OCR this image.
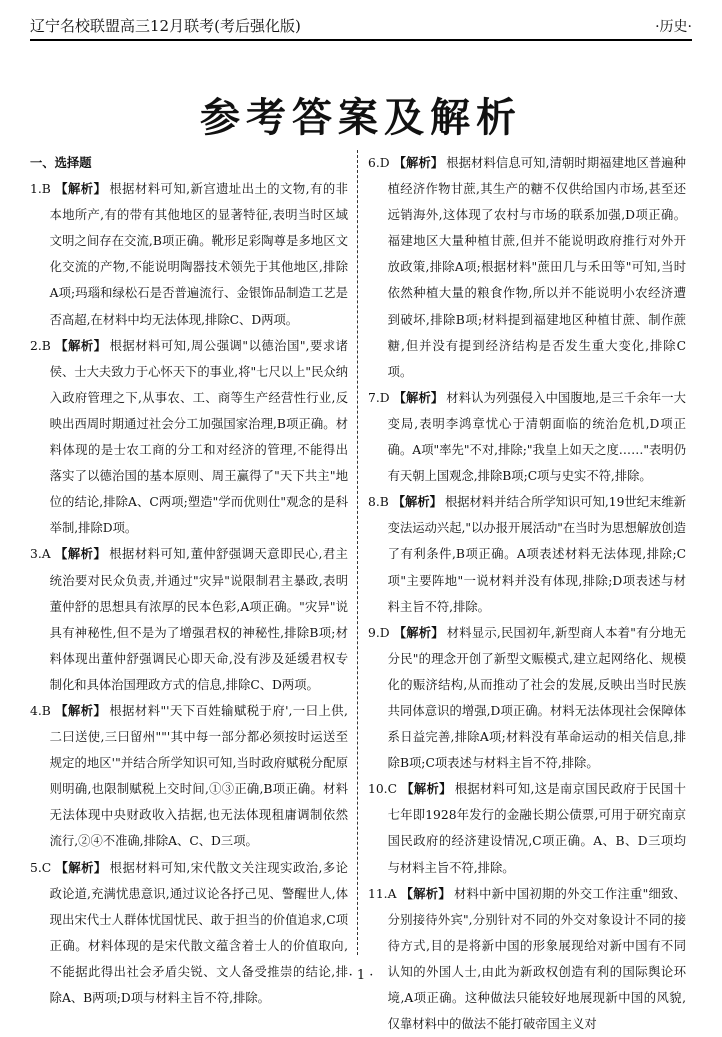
辽宁名校联盟高三12月联考(考后强化版)	·历史·
参考答案及解析

一、选择题

1.B 【解析】 根据材料可知,新宫遗址出土的文物,有的非本地所产,有的带有其他地区的显著特征,表明当时区域文明之间存在交流,B项正确。靴形足彩陶尊是多地区文化交流的产物,不能说明陶器技术领先于其他地区,排除A项;玛瑙和绿松石是否普遍流行、金银饰品制造工艺是否高超,在材料中均无法体现,排除C、D两项。

2.B 【解析】 根据材料可知,周公强调"以德治国",要求诸侯、士大夫致力于心怀天下的事业,将"七尺以上"民众纳入政府管理之下,从事农、工、商等生产经营性行业,反映出西周时期通过社会分工加强国家治理,B项正确。材料体现的是士农工商的分工和对经济的管理,不能得出落实了以德治国的基本原则、周王赢得了"天下共主"地位的结论,排除A、C两项;塑造"学而优则仕"观念的是科举制,排除D项。

3.A 【解析】 根据材料可知,董仲舒强调天意即民心,君主统治要对民众负责,并通过"灾异"说限制君主暴政,表明董仲舒的思想具有浓厚的民本色彩,A项正确。"灾异"说具有神秘性,但不是为了增强君权的神秘性,排除B项;材料体现出董仲舒强调民心即天命,没有涉及延缓君权专制化和具体治国理政方式的信息,排除C、D两项。

4.B 【解析】 根据材料"'天下百姓输赋税于府',一曰上供,二曰送使,三曰留州""'其中每一部分都必须按时运送至规定的地区'"并结合所学知识可知,当时政府赋税分配原则明确,也限制赋税上交时间,①③正确,B项正确。材料无法体现中央财政收入拮据,也无法体现租庸调制依然流行,②④不准确,排除A、C、D三项。

5.C 【解析】 根据材料可知,宋代散文关注现实政治,多论政论道,充满忧患意识,通过议论各抒己见、警醒世人,体现出宋代士人群体忧国忧民、敢于担当的价值追求,C项正确。材料体现的是宋代散文蕴含着士人的价值取向,不能据此得出社会矛盾尖锐、文人备受推崇的结论,排除A、B两项;D项与材料主旨不符,排除。

6.D 【解析】 根据材料信息可知,清朝时期福建地区普遍种植经济作物甘蔗,其生产的糖不仅供给国内市场,甚至还远销海外,这体现了农村与市场的联系加强,D项正确。福建地区大量种植甘蔗,但并不能说明政府推行对外开放政策,排除A项;根据材料"蔗田几与禾田等"可知,当时依然种植大量的粮食作物,所以并不能说明小农经济遭到破坏,排除B项;材料提到福建地区种植甘蔗、制作蔗糖,但并没有提到经济结构是否发生重大变化,排除C项。

7.D 【解析】 材料认为列强侵入中国腹地,是三千余年一大变局,表明李鸿章忧心于清朝面临的统治危机,D项正确。A项"率先"不对,排除;"我皇上如天之度……"表明仍有天朝上国观念,排除B项;C项与史实不符,排除。

8.B 【解析】 根据材料并结合所学知识可知,19世纪末维新变法运动兴起,"以办报开展活动"在当时为思想解放创造了有利条件,B项正确。A项表述材料无法体现,排除;C项"主要阵地"一说材料并没有体现,排除;D项表述与材料主旨不符,排除。

9.D 【解析】 材料显示,民国初年,新型商人本着"有分地无分民"的理念开创了新型文赈模式,建立起网络化、规模化的赈济结构,从而推动了社会的发展,反映出当时民族共同体意识的增强,D项正确。材料无法体现社会保障体系日益完善,排除A项;材料没有革命运动的相关信息,排除B项;C项表述与材料主旨不符,排除。

10.C 【解析】 根据材料可知,这是南京国民政府于民国十七年即1928年发行的金融长期公债票,可用于研究南京国民政府的经济建设情况,C项正确。A、B、D三项均与材料主旨不符,排除。

11.A 【解析】 材料中新中国初期的外交工作注重"细致、分别接待外宾",分别针对不同的外交对象设计不同的接待方式,目的是将新中国的形象展现给对新中国有不同认知的外国人士,由此为新政权创造有利的国际舆论环境,A项正确。这种做法只能较好地展现新中国的风貌,仅靠材料中的做法不能打破帝国主义对

· 1 ·
